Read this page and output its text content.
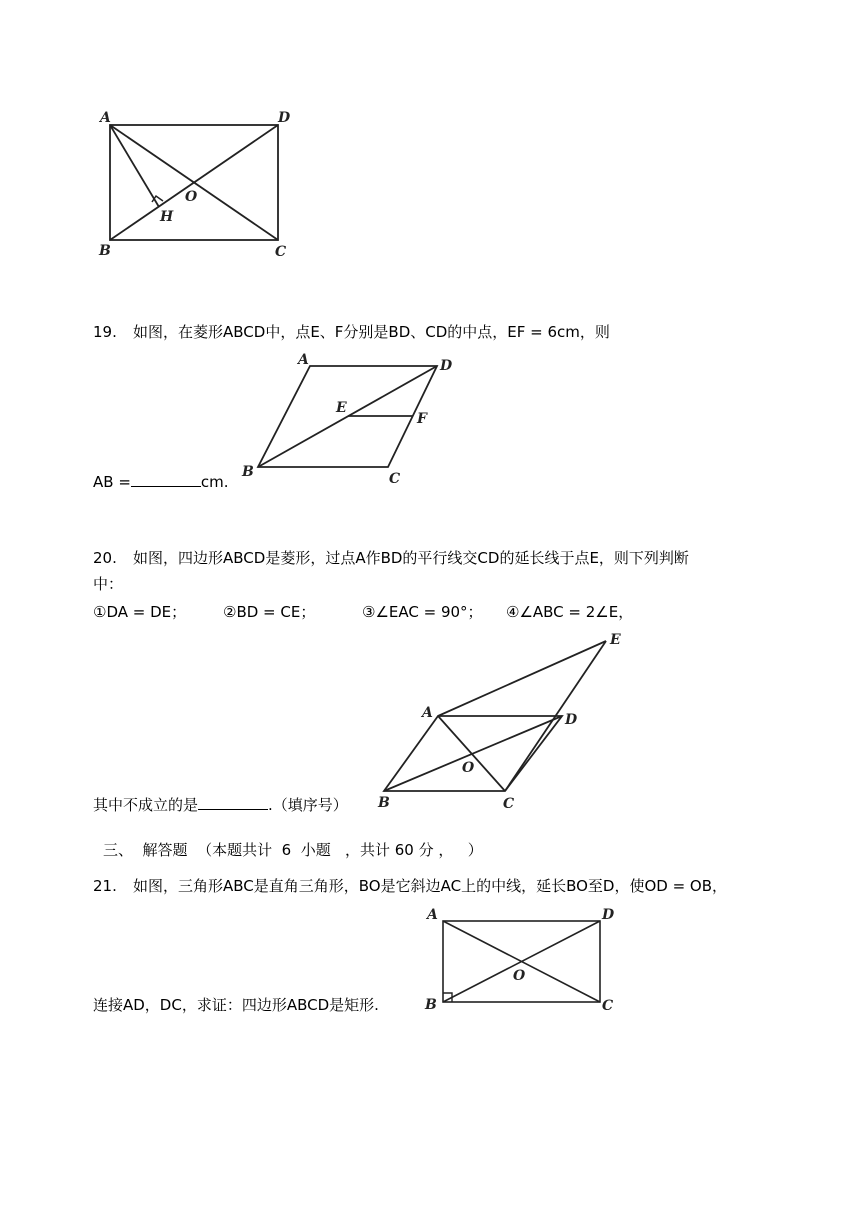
A	D
B	C
O
H
19. 如图，在菱形ABCD中，点E、F分别是BD、CD的中点，EF = 6cm，则
A	D
B	C
E
F
AB =	cm.
20. 如图，四边形ABCD是菱形，过点A作BD的平行线交CD的延长线于点E，则下列判断
中：
①DA = DE； ②BD = CE；	③∠EAC = 90°； ④∠ABC = 2∠E，
A	D
E
B	C
O
其中不成立的是	.（填序号）
三、  解答题  （本题共计  6  小题   ，共计 60 分 ，   ）
21. 如图，三角形ABC是直角三角形，BO是它斜边AC上的中线，延长BO至D，使OD = OB，
A	D
B	C
O
连接AD，DC，求证：四边形ABCD是矩形.
